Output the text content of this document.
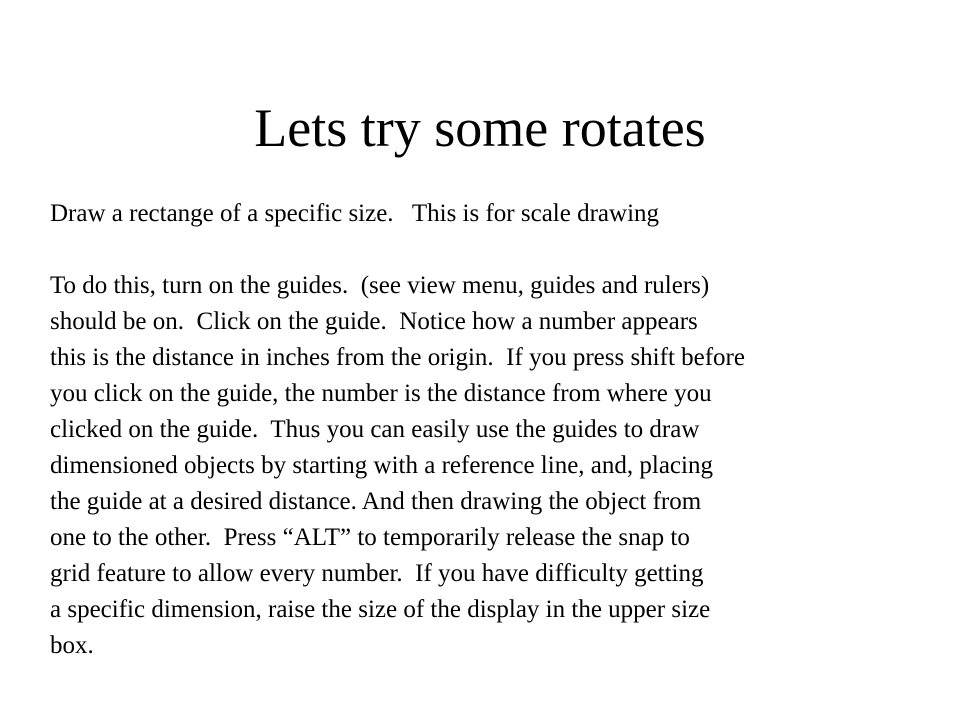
Lets try some rotates
Draw a rectange of a specific size.   This is for scale drawing
To do this, turn on the guides.  (see view menu, guides and rulers)
should be on.  Click on the guide.  Notice how a number appears
this is the distance in inches from the origin.  If you press shift before
you click on the guide, the number is the distance from where you
clicked on the guide.  Thus you can easily use the guides to draw
dimensioned objects by starting with a reference line, and, placing
the guide at a desired distance. And then drawing the object from
one to the other.  Press “ALT” to temporarily release the snap to
grid feature to allow every number.  If you have difficulty getting
a specific dimension, raise the size of the display in the upper size
box.
